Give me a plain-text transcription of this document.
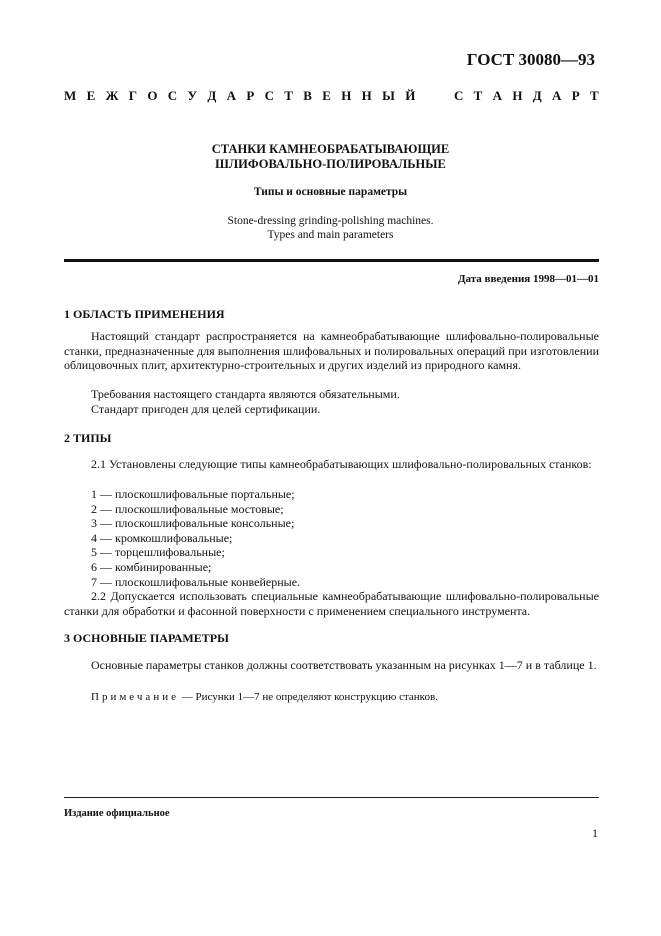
ГОСТ 30080—93
М Е Ж Г О С У Д А Р С Т В Е Н Н Ы Й	С Т А Н Д А Р Т
СТАНКИ КАМНЕОБРАБАТЫВАЮЩИЕ
ШЛИФОВАЛЬНО-ПОЛИРОВАЛЬНЫЕ
Типы и основные параметры
Stone-dressing grinding-polishing machines.
Types and main parameters
Дата введения 1998—01—01
1 ОБЛАСТЬ ПРИМЕНЕНИЯ

Настоящий стандарт распространяется на камнеобрабатывающие шлифовально-полировальные станки, предназначенные для выполнения шлифовальных и полировальных операций при изготовлении облицовочных плит, архитектурно-строительных и других изделий из природного камня.

Требования настоящего стандарта являются обязательными.
Стандарт пригоден для целей сертификации.
2 ТИПЫ

2.1 Установлены следующие типы камнеобрабатывающих шлифовально-полировальных станков:

1 — плоскошлифовальные портальные;
2 — плоскошлифовальные мостовые;
3 — плоскошлифовальные консольные;
4 — кромкошлифовальные;
5 — торцешлифовальные;
6 — комбинированные;
7 — плоскошлифовальные конвейерные.

2.2 Допускается использовать специальные камнеобрабатывающие шлифовально-полировальные станки для обработки и фасонной поверхности с применением специального инструмента.

3 ОСНОВНЫЕ ПАРАМЕТРЫ

Основные параметры станков должны соответствовать указанным на рисунках 1—7 и в таблице 1.

Примечание — Рисунки 1—7 не определяют конструкцию станков.
Издание официальное
1
